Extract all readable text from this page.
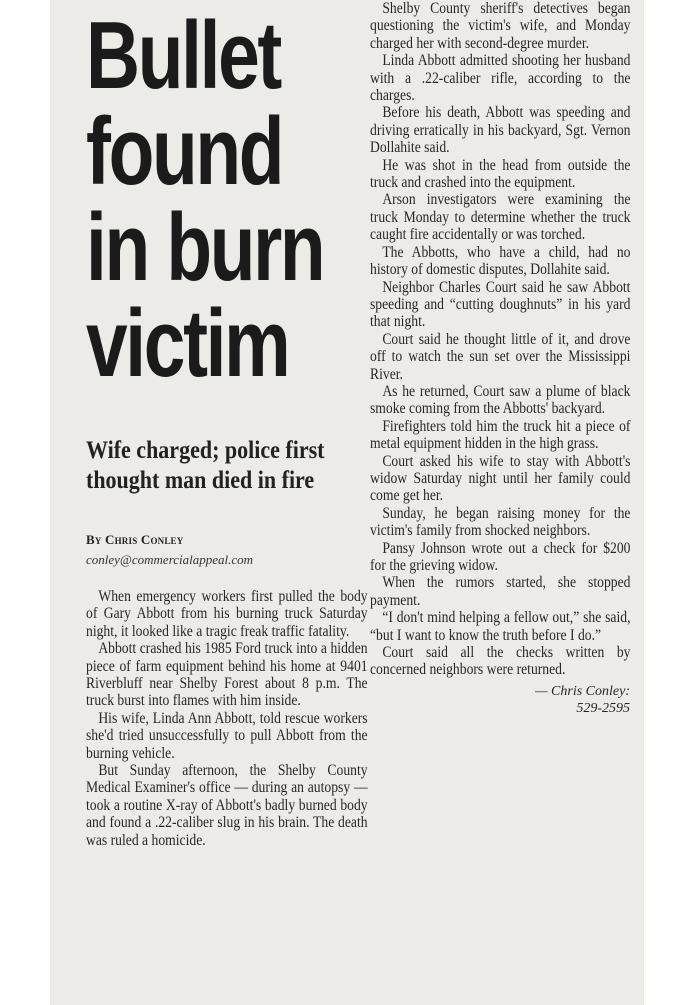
Bullet
found
in burn
victim
Wife charged; police first
thought man died in fire
By Chris Conley
conley@commercialappeal.com

When emergency workers first pulled the body of Gary Abbott from his burning truck Saturday night, it looked like a tragic freak traffic fatality.

Abbott crashed his 1985 Ford truck into a hidden piece of farm equipment behind his home at 9401 Riverbluff near Shelby Forest about 8 p.m. The truck burst into flames with him inside.

His wife, Linda Ann Abbott, told rescue workers she'd tried unsuccessfully to pull Abbott from the burning vehicle.

But Sunday afternoon, the Shelby County Medical Examiner's office — during an autopsy — took a routine X-ray of Abbott's badly burned body and found a .22-caliber slug in his brain. The death was ruled a homicide.

Shelby County sheriff's detectives began questioning the victim's wife, and Monday charged her with second-degree murder.

Linda Abbott admitted shooting her husband with a .22-caliber rifle, according to the charges.

Before his death, Abbott was speeding and driving erratically in his backyard, Sgt. Vernon Dollahite said.

He was shot in the head from outside the truck and crashed into the equipment.

Arson investigators were examining the truck Monday to determine whether the truck caught fire accidentally or was torched.

The Abbotts, who have a child, had no history of domestic disputes, Dollahite said.

Neighbor Charles Court said he saw Abbott speeding and “cutting doughnuts” in his yard that night.

Court said he thought little of it, and drove off to watch the sun set over the Mississippi River.

As he returned, Court saw a plume of black smoke coming from the Abbotts' backyard.

Firefighters told him the truck hit a piece of metal equipment hidden in the high grass.

Court asked his wife to stay with Abbott's widow Saturday night until her family could come get her.

Sunday, he began raising money for the victim's family from shocked neighbors.

Pansy Johnson wrote out a check for $200 for the grieving widow.

When the rumors started, she stopped payment.

“I don't mind helping a fellow out,” she said, “but I want to know the truth before I do.”

Court said all the checks written by concerned neighbors were returned.

— Chris Conley:
529-2595
